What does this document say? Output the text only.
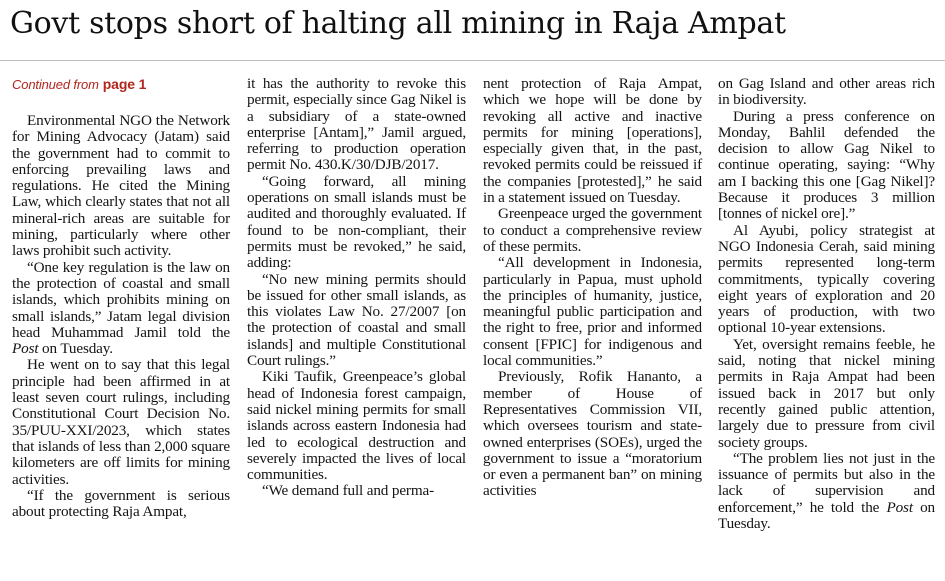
Govt stops short of halting all mining in Raja Ampat
Continued from page 1

Environmental NGO the Network for Mining Advocacy (Jatam) said the government had to commit to enforcing prevailing laws and regulations. He cited the Mining Law, which clearly states that not all mineral-rich areas are suitable for mining, particularly where other laws prohibit such activity.

“One key regulation is the law on the protection of coastal and small islands, which prohibits mining on small islands,” Jatam legal division head Muhammad Jamil told the Post on Tuesday.

He went on to say that this legal principle had been affirmed in at least seven court rulings, including Constitutional Court Decision No. 35/PUU-XXI/2023, which states that islands of less than 2,000 square kilometers are off limits for mining activities.

“If the government is serious about protecting Raja Ampat,

it has the authority to revoke this permit, especially since Gag Nikel is a subsidiary of a state-owned enterprise [Antam],” Jamil argued, referring to production operation permit No. 430.K/30/DJB/2017.

“Going forward, all mining operations on small islands must be audited and thoroughly evaluated. If found to be non-compliant, their permits must be revoked,” he said, adding:

“No new mining permits should be issued for other small islands, as this violates Law No. 27/2007 [on the protection of coastal and small islands] and multiple Constitutional Court rulings.”

Kiki Taufik, Greenpeace’s global head of Indonesia forest campaign, said nickel mining permits for small islands across eastern Indonesia had led to ecological destruction and severely impacted the lives of local communities.

“We demand full and perma-

nent protection of Raja Ampat, which we hope will be done by revoking all active and inactive permits for mining [operations], especially given that, in the past, revoked permits could be reissued if the companies [protested],” he said in a statement issued on Tuesday.

Greenpeace urged the government to conduct a comprehensive review of these permits.

“All development in Indonesia, particularly in Papua, must uphold the principles of humanity, justice, meaningful public participation and the right to free, prior and informed consent [FPIC] for indigenous and local communities.”

Previously, Rofik Hananto, a member of House of Representatives Commission VII, which oversees tourism and state-owned enterprises (SOEs), urged the government to issue a “moratorium or even a permanent ban” on mining activities

on Gag Island and other areas rich in biodiversity.

During a press conference on Monday, Bahlil defended the decision to allow Gag Nikel to continue operating, saying: “Why am I backing this one [Gag Nikel]? Because it produces 3 million [tonnes of nickel ore].”

Al Ayubi, policy strategist at NGO Indonesia Cerah, said mining permits represented long-term commitments, typically covering eight years of exploration and 20 years of production, with two optional 10-year extensions.

Yet, oversight remains feeble, he said, noting that nickel mining permits in Raja Ampat had been issued back in 2017 but only recently gained public attention, largely due to pressure from civil society groups.

“The problem lies not just in the issuance of permits but also in the lack of supervision and enforcement,” he told the Post on Tuesday.
